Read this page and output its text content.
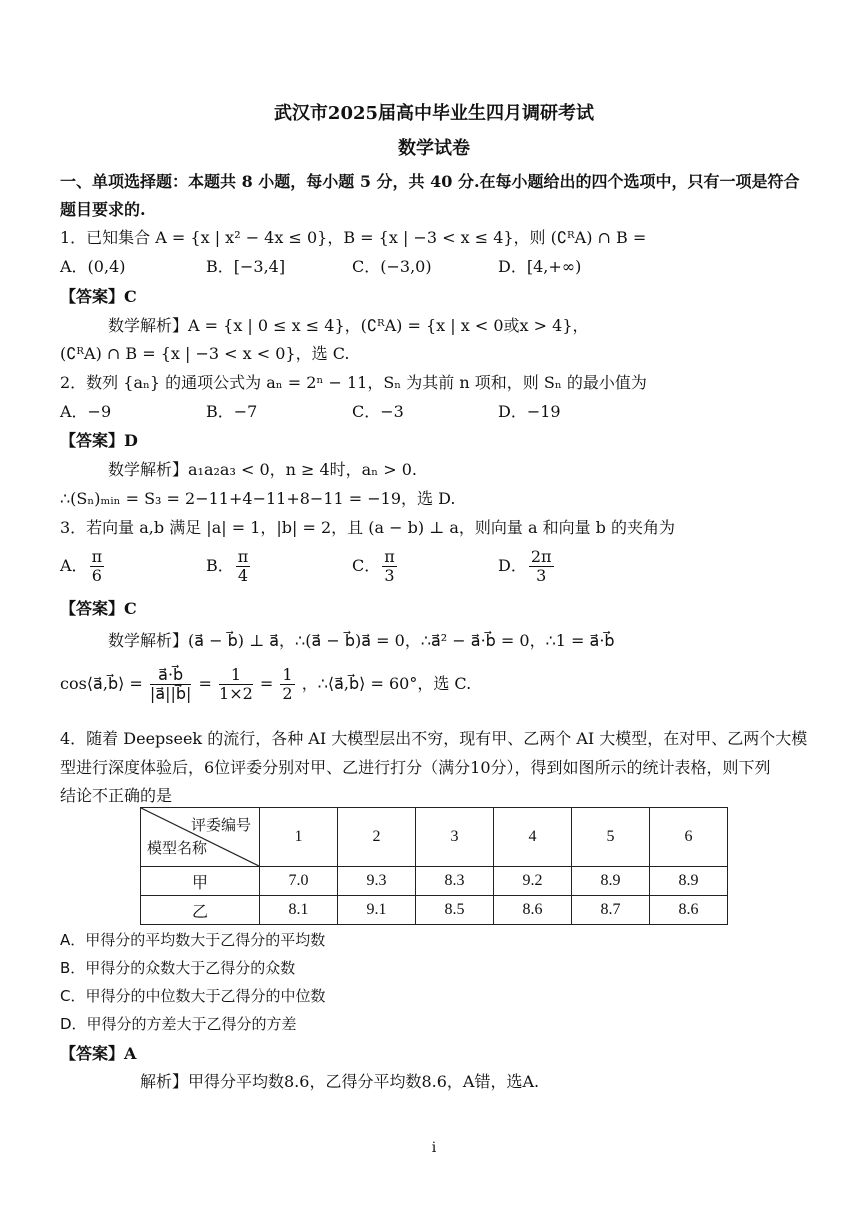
武汉市2025届高中毕业生四月调研考试
数学试卷
一、单项选择题：本题共 8 小题，每小题 5 分，共 40 分.在每小题给出的四个选项中，只有一项是符合
题目要求的.
1．已知集合 A = {x | x² − 4x ≤ 0}，B = {x | −3 < x ≤ 4}，则 (∁ᴿA) ∩ B =
A．(0,4)	B．[−3,4]	C．(−3,0)	D．[4,+∞)
【答案】C
数学解析】A = {x | 0 ≤ x ≤ 4}，(∁ᴿA) = {x | x < 0或x > 4}，
(∁ᴿA) ∩ B = {x | −3 < x < 0}，选 C.
2．数列 {aₙ} 的通项公式为 aₙ = 2ⁿ − 11，Sₙ 为其前 n 项和，则 Sₙ 的最小值为
A．−9	B．−7	C．−3	D．−19
【答案】D
数学解析】a₁a₂a₃ < 0，n ≥ 4时，aₙ > 0.
∴(Sₙ)ₘᵢₙ = S₃ = 2−11+4−11+8−11 = −19，选 D.
3．若向量 a,b 满足 |a| = 1，|b| = 2，且 (a − b) ⊥ a，则向量 a 和向量 b 的夹角为
A． $\frac{\pi}{6}$	B． $\frac{\pi}{4}$	C． $\frac{\pi}{3}$	D． $\frac{2\pi}{3}$
【答案】C
数学解析】(a⃗ − b⃗) ⊥ a⃗，∴(a⃗ − b⃗)a⃗ = 0，∴a⃗² − a⃗·b⃗ = 0，∴1 = a⃗·b⃗
cos⟨a⃗,b⃗⟩ = $\frac{a⃗\cdot b⃗}{|a⃗||b⃗|} = \frac{1}{1\times 2} = \frac{1}{2}$ ，∴⟨a⃗,b⃗⟩ = 60°，选 C.
4．随着 Deepseek 的流行，各种 AI 大模型层出不穷，现有甲、乙两个 AI 大模型，在对甲、乙两个大模
型进行深度体验后，6位评委分别对甲、乙进行打分（满分10分），得到如图所示的统计表格，则下列
结论不正确的是
评委编号
模型名称	1	2	3	4	5	6
甲	7.0	9.3	8.3	9.2	8.9	8.9
乙	8.1	9.1	8.5	8.6	8.7	8.6
A．甲得分的平均数大于乙得分的平均数
B．甲得分的众数大于乙得分的众数
C．甲得分的中位数大于乙得分的中位数
D．甲得分的方差大于乙得分的方差
【答案】A
解析】甲得分平均数8.6，乙得分平均数8.6，A错，选A.
i
